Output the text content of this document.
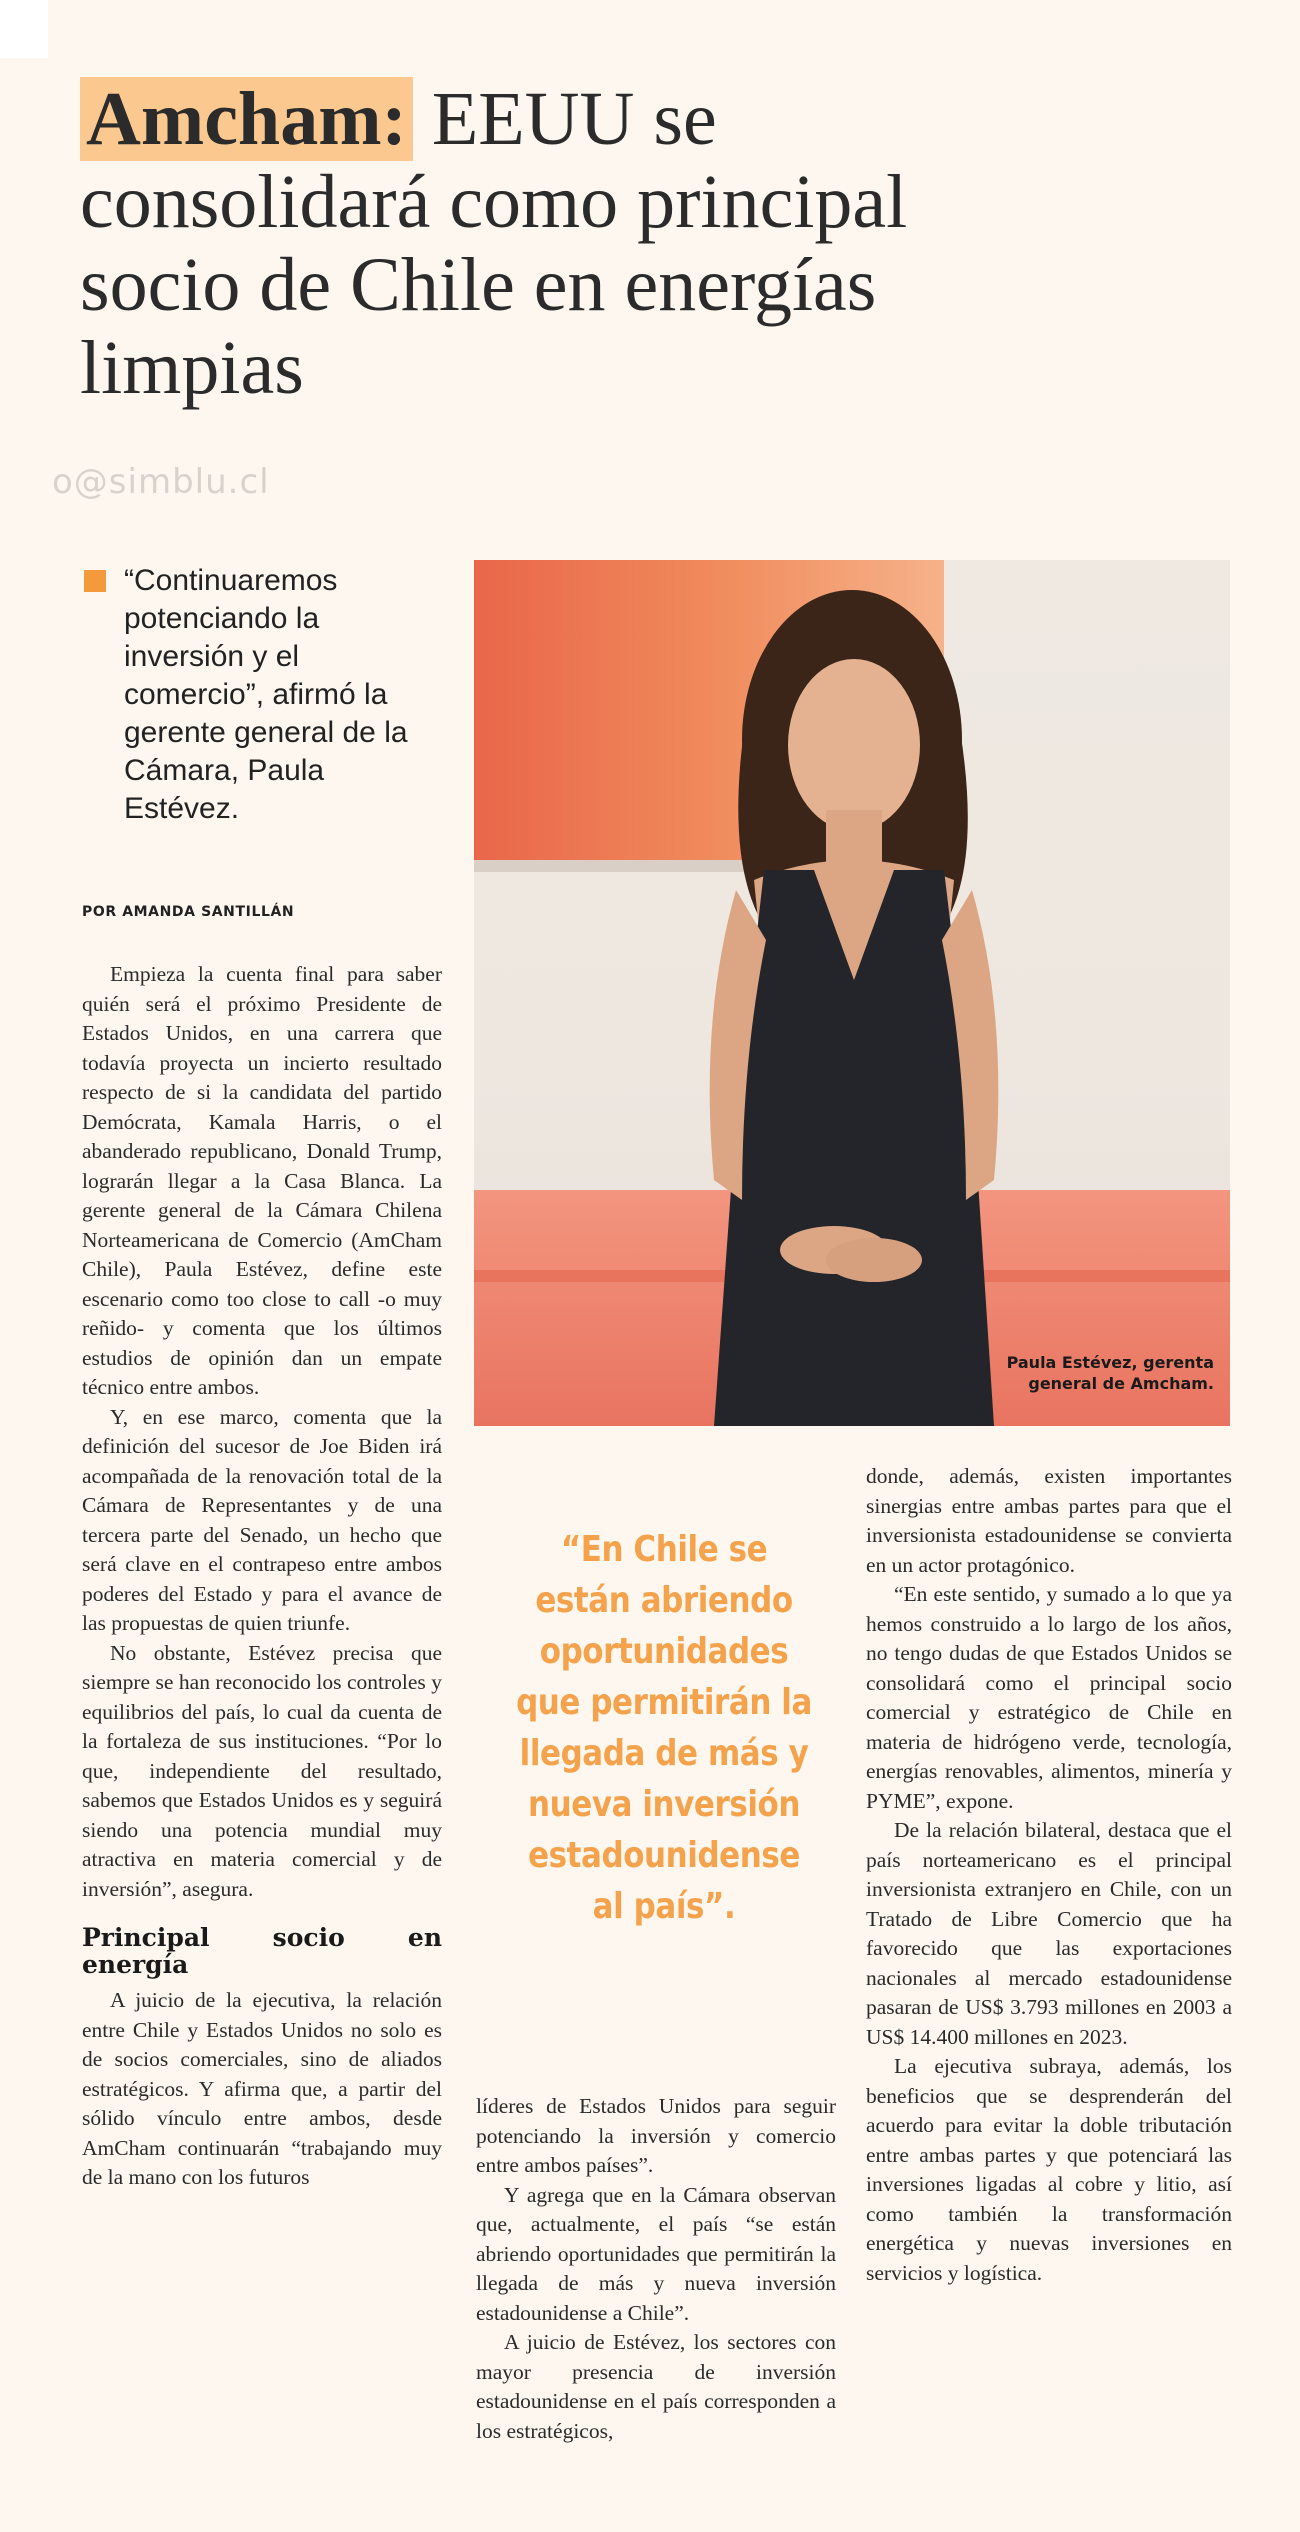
Amcham: EEUU se consolidará como principal socio de Chile en energías limpias
o@simblu.cl
“Continuaremos potenciando la inversión y el comercio”, afirmó la gerente general de la Cámara, Paula Estévez.
POR AMANDA SANTILLÁN
Paula Estévez, gerenta
general de Amcham.

Empieza la cuenta final para saber quién será el próximo Presidente de Estados Unidos, en una carrera que todavía proyecta un incierto resultado respecto de si la candidata del partido Demócrata, Kamala Harris, o el abanderado republicano, Donald Trump, lograrán llegar a la Casa Blanca. La gerente general de la Cámara Chilena Norteamericana de Comercio (AmCham Chile), Paula Estévez, define este escenario como too close to call -o muy reñido- y comenta que los últimos estudios de opinión dan un empate técnico entre ambos.

Y, en ese marco, comenta que la definición del sucesor de Joe Biden irá acompañada de la renovación total de la Cámara de Representantes y de una tercera parte del Senado, un hecho que será clave en el contrapeso entre ambos poderes del Estado y para el avance de las propuestas de quien triunfe.

No obstante, Estévez precisa que siempre se han reconocido los controles y equilibrios del país, lo cual da cuenta de la fortaleza de sus instituciones. “Por lo que, independiente del resultado, sabemos que Estados Unidos es y seguirá siendo una potencia mundial muy atractiva en materia comercial y de inversión”, asegura.

Principal socio en energía

A juicio de la ejecutiva, la relación entre Chile y Estados Unidos no solo es de socios comerciales, sino de aliados estratégicos. Y afirma que, a partir del sólido vínculo entre ambos, desde AmCham continuarán “trabajando muy de la mano con los futuros

“En Chile se están abriendo oportunidades que permitirán la llegada de más y nueva inversión estadounidense al país”.

líderes de Estados Unidos para seguir potenciando la inversión y comercio entre ambos países”.

Y agrega que en la Cámara observan que, actualmente, el país “se están abriendo oportunidades que permitirán la llegada de más y nueva inversión estadounidense a Chile”.

A juicio de Estévez, los sectores con mayor presencia de inversión estadounidense en el país corresponden a los estratégicos,

donde, además, existen importantes sinergias entre ambas partes para que el inversionista estadounidense se convierta en un actor protagónico.

“En este sentido, y sumado a lo que ya hemos construido a lo largo de los años, no tengo dudas de que Estados Unidos se consolidará como el principal socio comercial y estratégico de Chile en materia de hidrógeno verde, tecnología, energías renovables, alimentos, minería y PYME”, expone.

De la relación bilateral, destaca que el país norteamericano es el principal inversionista extranjero en Chile, con un Tratado de Libre Comercio que ha favorecido que las exportaciones nacionales al mercado estadounidense pasaran de US$ 3.793 millones en 2003 a US$ 14.400 millones en 2023.

La ejecutiva subraya, además, los beneficios que se desprenderán del acuerdo para evitar la doble tributación entre ambas partes y que potenciará las inversiones ligadas al cobre y litio, así como también la transformación energética y nuevas inversiones en servicios y logística.
